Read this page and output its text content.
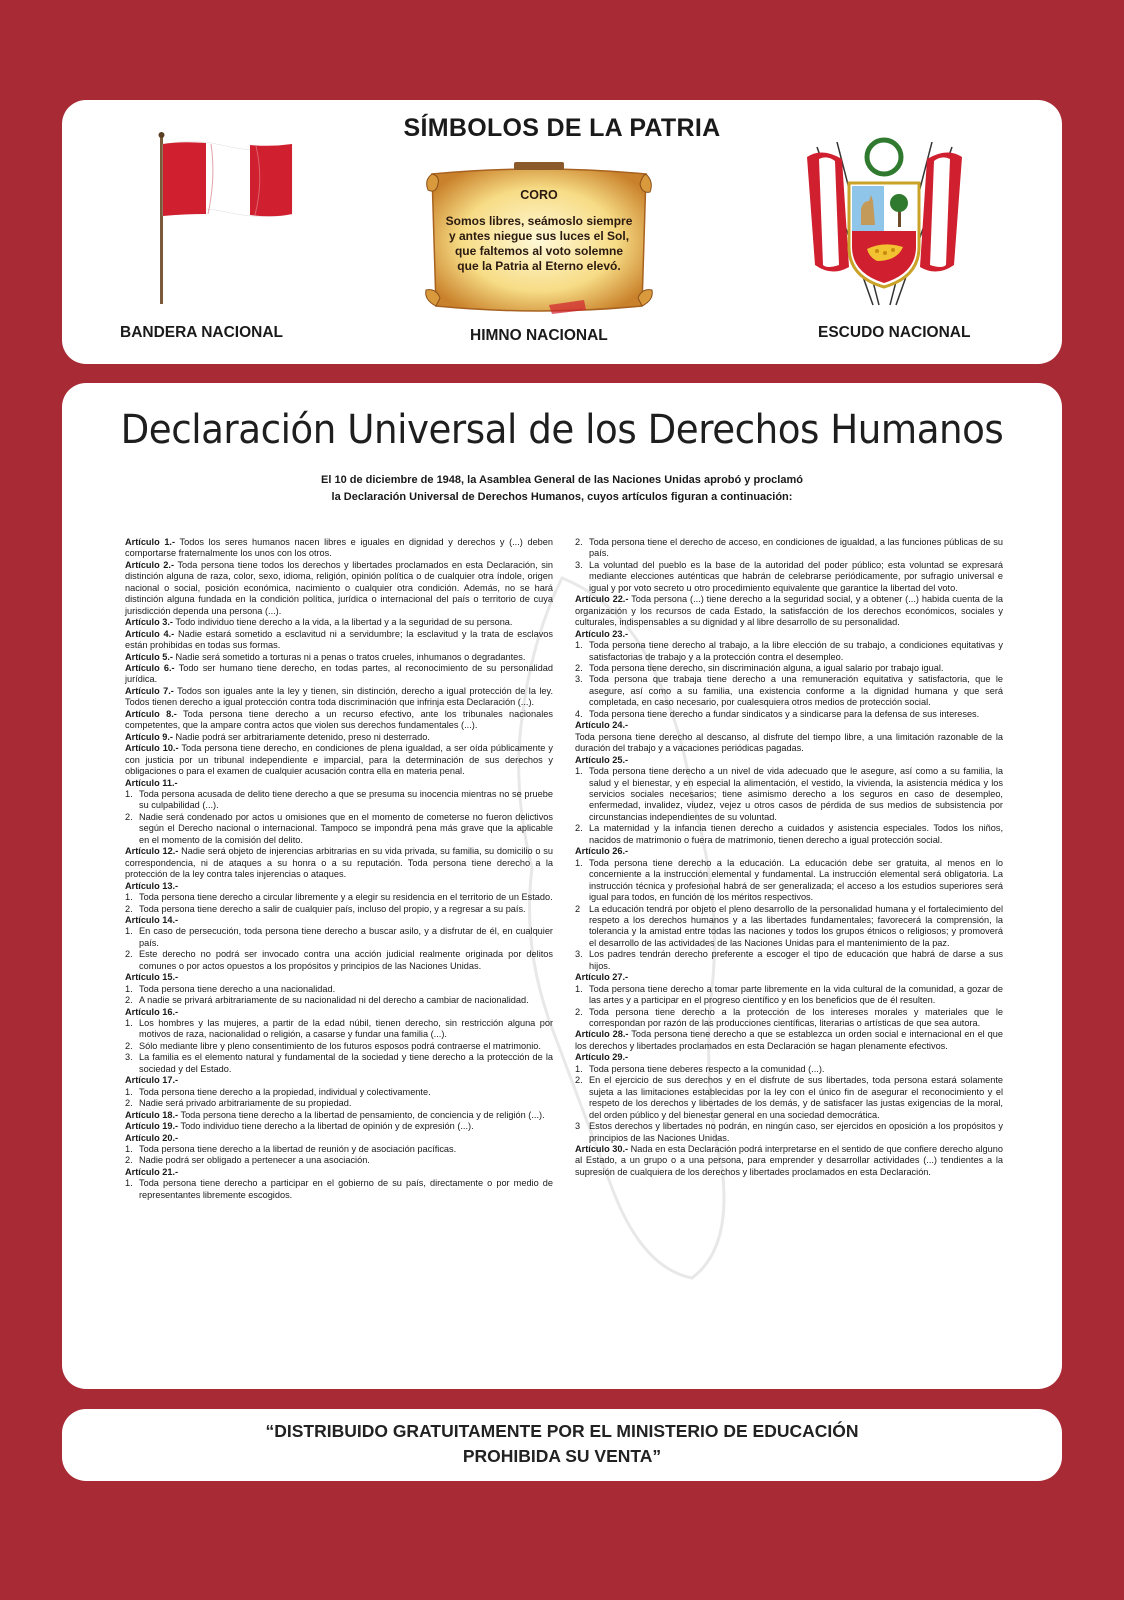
SÍMBOLOS DE LA PATRIA
BANDERA NACIONAL
CORO
Somos libres, seámoslo siempre
y antes niegue sus luces el Sol,
que faltemos al voto solemne
que la Patria al Eterno elevó.
HIMNO NACIONAL	ESCUDO NACIONAL
Declaración Universal de los Derechos Humanos
El 10 de diciembre de 1948, la Asamblea General de las Naciones Unidas aprobó y proclamó
la Declaración Universal de Derechos Humanos, cuyos artículos figuran a continuación:

Artículo 1.- Todos los seres humanos nacen libres e iguales en dignidad y derechos y (...) deben comportarse fraternalmente los unos con los otros.

Artículo 2.- Toda persona tiene todos los derechos y libertades proclamados en esta Declaración, sin distinción alguna de raza, color, sexo, idioma, religión, opinión política o de cualquier otra índole, origen nacional o social, posición económica, nacimiento o cualquier otra condición. Además, no se hará distinción alguna fundada en la condición política, jurídica o internacional del país o territorio de cuya jurisdicción dependa una persona (...).

Artículo 3.- Todo individuo tiene derecho a la vida, a la libertad y a la seguridad de su persona.

Artículo 4.- Nadie estará sometido a esclavitud ni a servidumbre; la esclavitud y la trata de esclavos están prohibidas en todas sus formas.

Artículo 5.- Nadie será sometido a torturas ni a penas o tratos crueles, inhumanos o degradantes.

Artículo 6.- Todo ser humano tiene derecho, en todas partes, al reconocimiento de su personalidad jurídica.

Artículo 7.- Todos son iguales ante la ley y tienen, sin distinción, derecho a igual protección de la ley. Todos tienen derecho a igual protección contra toda discriminación que infrinja esta Declaración (...).

Artículo 8.- Toda persona tiene derecho a un recurso efectivo, ante los tribunales nacionales competentes, que la ampare contra actos que violen sus derechos fundamentales (...).

Artículo 9.- Nadie podrá ser arbitrariamente detenido, preso ni desterrado.

Artículo 10.- Toda persona tiene derecho, en condiciones de plena igualdad, a ser oída públicamente y con justicia por un tribunal independiente e imparcial, para la determinación de sus derechos y obligaciones o para el examen de cualquier acusación contra ella en materia penal.

Artículo 11.-

1. Toda persona acusada de delito tiene derecho a que se presuma su inocencia mientras no se pruebe su culpabilidad (...).

2. Nadie será condenado por actos u omisiones que en el momento de cometerse no fueron delictivos según el Derecho nacional o internacional. Tampoco se impondrá pena más grave que la aplicable en el momento de la comisión del delito.

Artículo 12.- Nadie será objeto de injerencias arbitrarias en su vida privada, su familia, su domicilio o su correspondencia, ni de ataques a su honra o a su reputación. Toda persona tiene derecho a la protección de la ley contra tales injerencias o ataques.

Artículo 13.-

1. Toda persona tiene derecho a circular libremente y a elegir su residencia en el territorio de un Estado.

2. Toda persona tiene derecho a salir de cualquier país, incluso del propio, y a regresar a su país.

Artículo 14.-

1. En caso de persecución, toda persona tiene derecho a buscar asilo, y a disfrutar de él, en cualquier país.

2. Este derecho no podrá ser invocado contra una acción judicial realmente originada por delitos comunes o por actos opuestos a los propósitos y principios de las Naciones Unidas.

Artículo 15.-

1. Toda persona tiene derecho a una nacionalidad.

2. A nadie se privará arbitrariamente de su nacionalidad ni del derecho a cambiar de nacionalidad.

Artículo 16.-

1. Los hombres y las mujeres, a partir de la edad núbil, tienen derecho, sin restricción alguna por motivos de raza, nacionalidad o religión, a casarse y fundar una familia (...).

2. Sólo mediante libre y pleno consentimiento de los futuros esposos podrá contraerse el matrimonio.

3. La familia es el elemento natural y fundamental de la sociedad y tiene derecho a la protección de la sociedad y del Estado.

Artículo 17.-

1. Toda persona tiene derecho a la propiedad, individual y colectivamente.

2. Nadie será privado arbitrariamente de su propiedad.

Artículo 18.- Toda persona tiene derecho a la libertad de pensamiento, de conciencia y de religión (...).

Artículo 19.- Todo individuo tiene derecho a la libertad de opinión y de expresión (...).

Artículo 20.-

1. Toda persona tiene derecho a la libertad de reunión y de asociación pacíficas.

2. Nadie podrá ser obligado a pertenecer a una asociación.

Artículo 21.-

1. Toda persona tiene derecho a participar en el gobierno de su país, directamente o por medio de representantes libremente escogidos.

2. Toda persona tiene el derecho de acceso, en condiciones de igualdad, a las funciones públicas de su país.

3. La voluntad del pueblo es la base de la autoridad del poder público; esta voluntad se expresará mediante elecciones auténticas que habrán de celebrarse periódicamente, por sufragio universal e igual y por voto secreto u otro procedimiento equivalente que garantice la libertad del voto.

Artículo 22.- Toda persona (...) tiene derecho a la seguridad social, y a obtener (...) habida cuenta de la organización y los recursos de cada Estado, la satisfacción de los derechos económicos, sociales y culturales, indispensables a su dignidad y al libre desarrollo de su personalidad.

Artículo 23.-

1. Toda persona tiene derecho al trabajo, a la libre elección de su trabajo, a condiciones equitativas y satisfactorias de trabajo y a la protección contra el desempleo.

2. Toda persona tiene derecho, sin discriminación alguna, a igual salario por trabajo igual.

3. Toda persona que trabaja tiene derecho a una remuneración equitativa y satisfactoria, que le asegure, así como a su familia, una existencia conforme a la dignidad humana y que será completada, en caso necesario, por cualesquiera otros medios de protección social.

4. Toda persona tiene derecho a fundar sindicatos y a sindicarse para la defensa de sus intereses.

Artículo 24.-

Toda persona tiene derecho al descanso, al disfrute del tiempo libre, a una limitación razonable de la duración del trabajo y a vacaciones periódicas pagadas.

Artículo 25.-

1. Toda persona tiene derecho a un nivel de vida adecuado que le asegure, así como a su familia, la salud y el bienestar, y en especial la alimentación, el vestido, la vivienda, la asistencia médica y los servicios sociales necesarios; tiene asimismo derecho a los seguros en caso de desempleo, enfermedad, invalidez, viudez, vejez u otros casos de pérdida de sus medios de subsistencia por circunstancias independientes de su voluntad.

2. La maternidad y la infancia tienen derecho a cuidados y asistencia especiales. Todos los niños, nacidos de matrimonio o fuera de matrimonio, tienen derecho a igual protección social.

Artículo 26.-

1. Toda persona tiene derecho a la educación. La educación debe ser gratuita, al menos en lo concerniente a la instrucción elemental y fundamental. La instrucción elemental será obligatoria. La instrucción técnica y profesional habrá de ser generalizada; el acceso a los estudios superiores será igual para todos, en función de los méritos respectivos.

2 La educación tendrá por objeto el pleno desarrollo de la personalidad humana y el fortalecimiento del respeto a los derechos humanos y a las libertades fundamentales; favorecerá la comprensión, la tolerancia y la amistad entre todas las naciones y todos los grupos étnicos o religiosos; y promoverá el desarrollo de las actividades de las Naciones Unidas para el mantenimiento de la paz.

3. Los padres tendrán derecho preferente a escoger el tipo de educación que habrá de darse a sus hijos.

Artículo 27.-

1. Toda persona tiene derecho a tomar parte libremente en la vida cultural de la comunidad, a gozar de las artes y a participar en el progreso científico y en los beneficios que de él resulten.

2. Toda persona tiene derecho a la protección de los intereses morales y materiales que le correspondan por razón de las producciones científicas, literarias o artísticas de que sea autora.

Artículo 28.- Toda persona tiene derecho a que se establezca un orden social e internacional en el que los derechos y libertades proclamados en esta Declaración se hagan plenamente efectivos.

Artículo 29.-

1. Toda persona tiene deberes respecto a la comunidad (...).

2. En el ejercicio de sus derechos y en el disfrute de sus libertades, toda persona estará solamente sujeta a las limitaciones establecidas por la ley con el único fin de asegurar el reconocimiento y el respeto de los derechos y libertades de los demás, y de satisfacer las justas exigencias de la moral, del orden público y del bienestar general en una sociedad democrática.

3 Estos derechos y libertades no podrán, en ningún caso, ser ejercidos en oposición a los propósitos y principios de las Naciones Unidas.

Artículo 30.- Nada en esta Declaración podrá interpretarse en el sentido de que confiere derecho alguno al Estado, a un grupo o a una persona, para emprender y desarrollar actividades (...) tendientes a la supresión de cualquiera de los derechos y libertades proclamados en esta Declaración.

“DISTRIBUIDO GRATUITAMENTE POR EL MINISTERIO DE EDUCACIÓN
PROHIBIDA SU VENTA”
